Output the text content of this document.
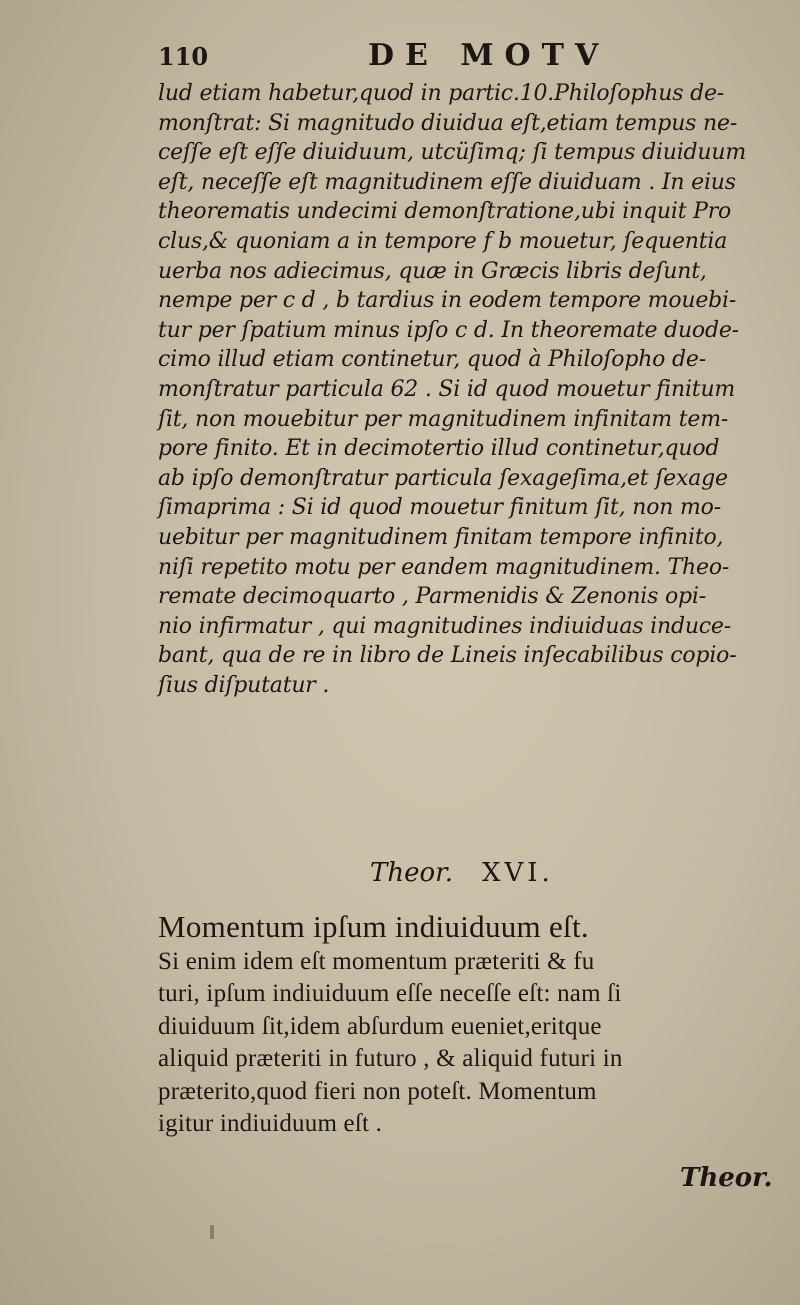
110	DE MOTV
lud etiam habetur,quod in partic.10.Philoſophus de-
monſtrat: Si magnitudo diuidua eſt,etiam tempus ne-
ceſſe eſt eſſe diuiduum, utcüſimq; ſi tempus diuiduum
eſt, neceſſe eſt magnitudinem eſſe diuiduam . In eius
theorematis undecimi demonſtratione,ubi inquit Pro
clus,& quoniam a in tempore f b mouetur, ſequentia
uerba nos adiecimus, quæ in Græcis libris deſunt,
nempe per c d , b tardius in eodem tempore mouebi-
tur per ſpatium minus ipſo c d. In theoremate duode-
cimo illud etiam continetur, quod à Philoſopho de-
monſtratur particula 62 . Si id quod mouetur finitum
ſit, non mouebitur per magnitudinem infinitam tem-
pore finito. Et in decimotertio illud continetur,quod
ab ipſo demonſtratur particula ſexageſima,et ſexage
ſimaprima : Si id quod mouetur finitum ſit, non mo-
uebitur per magnitudinem finitam tempore infinito,
niſi repetito motu per eandem magnitudinem. Theo-
remate decimoquarto , Parmenidis & Zenonis opi-
nio infirmatur , qui magnitudines indiuiduas induce-
bant, qua de re in libro de Lineis inſecabilibus copio-
ſius diſputatur .
Theor. XVI.
Momentum ipſum indiuiduum eſt.
Si enim idem eſt momentum præteriti & fu
turi, ipſum indiuiduum eſſe neceſſe eſt: nam ſi
diuiduum ſit,idem abſurdum eueniet,eritque
aliquid præteriti in futuro , & aliquid futuri in
præterito,quod fieri non poteſt. Momentum
igitur indiuiduum eſt .
Theor.
